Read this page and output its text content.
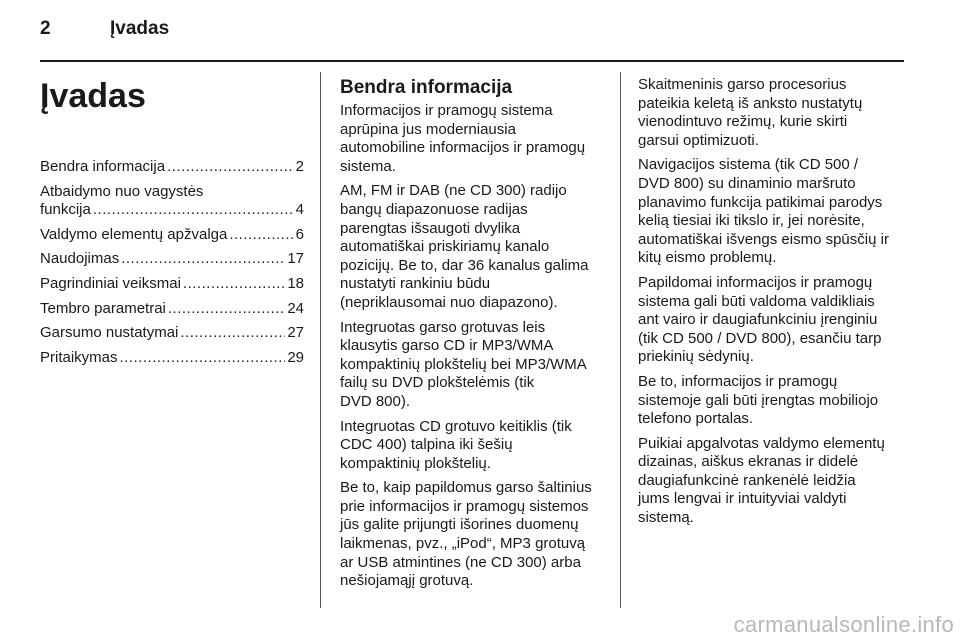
2	Įvadas
Įvadas
Bendra informacija .....	2
Atbaidymo nuo vagystės
funkcija .....	4
Valdymo elementų apžvalga .....	6
Naudojimas .....	17
Pagrindiniai veiksmai .....	18
Tembro parametrai .....	24
Garsumo nustatymai .....	27
Pritaikymas .....	29
Bendra informacija

Informacijos ir pramogų sistema
aprūpina jus moderniausia
automobiline informacijos ir pramogų
sistema.

AM, FM ir DAB (ne CD 300) radijo
bangų diapazonuose radijas
parengtas išsaugoti dvylika
automatiškai priskiriamų kanalo
pozicijų. Be to, dar 36 kanalus galima
nustatyti rankiniu būdu
(nepriklausomai nuo diapazono).

Integruotas garso grotuvas leis
klausytis garso CD ir MP3/WMA
kompaktinių plokštelių bei MP3/WMA
failų su DVD plokštelėmis (tik
DVD 800).

Integruotas CD grotuvo keitiklis (tik
CDC 400) talpina iki šešių
kompaktinių plokštelių.

Be to, kaip papildomus garso šaltinius
prie informacijos ir pramogų sistemos
jūs galite prijungti išorines duomenų
laikmenas, pvz., „iPod“, MP3 grotuvą
ar USB atmintines (ne CD 300) arba
nešiojamąjį grotuvą.

Skaitmeninis garso procesorius
pateikia keletą iš anksto nustatytų
vienodintuvo režimų, kurie skirti
garsui optimizuoti.

Navigacijos sistema (tik CD 500 /
DVD 800) su dinaminio maršruto
planavimo funkcija patikimai parodys
kelią tiesiai iki tikslo ir, jei norėsite,
automatiškai išvengs eismo spūsčių ir
kitų eismo problemų.

Papildomai informacijos ir pramogų
sistema gali būti valdoma valdikliais
ant vairo ir daugiafunkciniu įrenginiu
(tik CD 500 / DVD 800), esančiu tarp
priekinių sėdynių.

Be to, informacijos ir pramogų
sistemoje gali būti įrengtas mobiliojo
telefono portalas.

Puikiai apgalvotas valdymo elementų
dizainas, aiškus ekranas ir didelė
daugiafunkcinė rankenėlė leidžia
jums lengvai ir intuityviai valdyti
sistemą.

carmanualsonline.info
